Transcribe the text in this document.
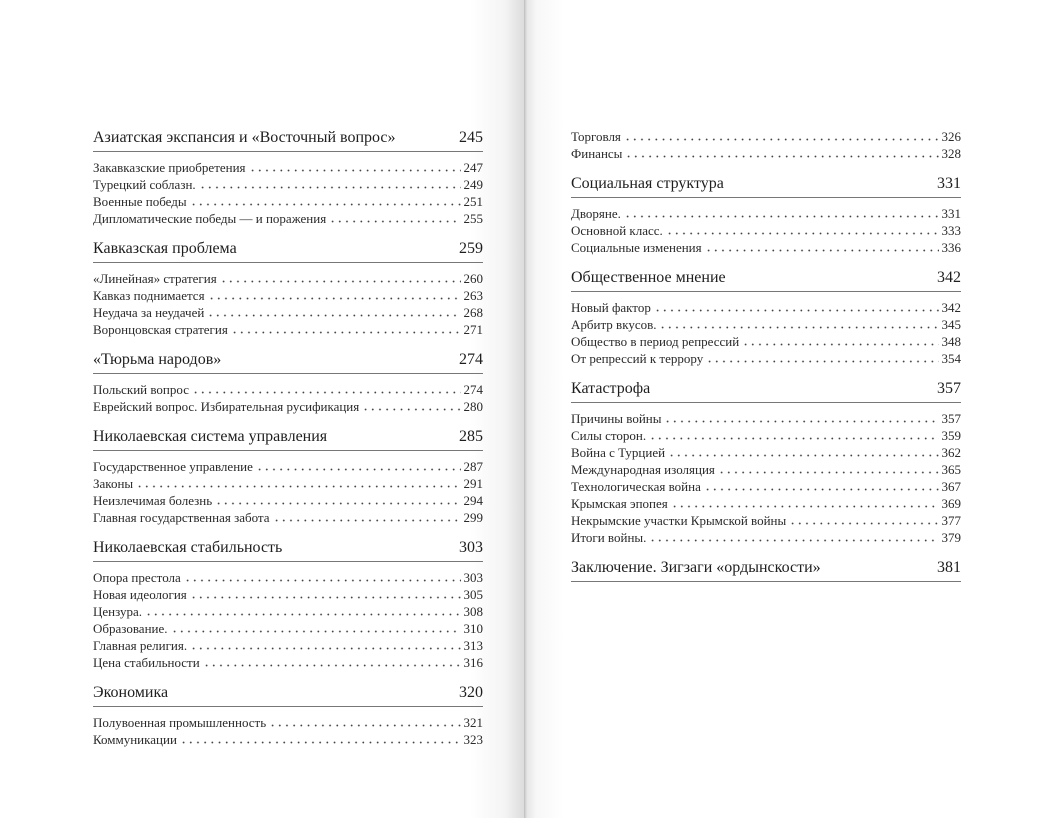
Азиатская экспансия и «Восточный вопрос»	245
Закавказские приобретения	247
Турецкий соблазн.	249
Военные победы	251
Дипломатические победы — и поражения	255
Кавказская проблема	259
«Линейная» стратегия	260
Кавказ поднимается	263
Неудача за неудачей	268
Воронцовская стратегия	271
«Тюрьма народов»	274
Польский вопрос	274
Еврейский вопрос. Избирательная русификация	280
Николаевская система управления	285
Государственное управление	287
Законы	291
Неизлечимая болезнь	294
Главная государственная забота	299
Николаевская стабильность	303
Опора престола	303
Новая идеология	305
Цензура.	308
Образование.	310
Главная религия.	313
Цена стабильности	316
Экономика	320
Полувоенная промышленность	321
Коммуникации	323
Торговля	326
Финансы	328
Социальная структура	331
Дворяне.	331
Основной класс.	333
Социальные изменения	336
Общественное мнение	342
Новый фактор	342
Арбитр вкусов.	345
Общество в период репрессий	348
От репрессий к террору	354
Катастрофа	357
Причины войны	357
Силы сторон.	359
Война с Турцией	362
Международная изоляция	365
Технологическая война	367
Крымская эпопея	369
Некрымские участки Крымской войны	377
Итоги войны.	379
Заключение. Зигзаги «ордынскости»	381
